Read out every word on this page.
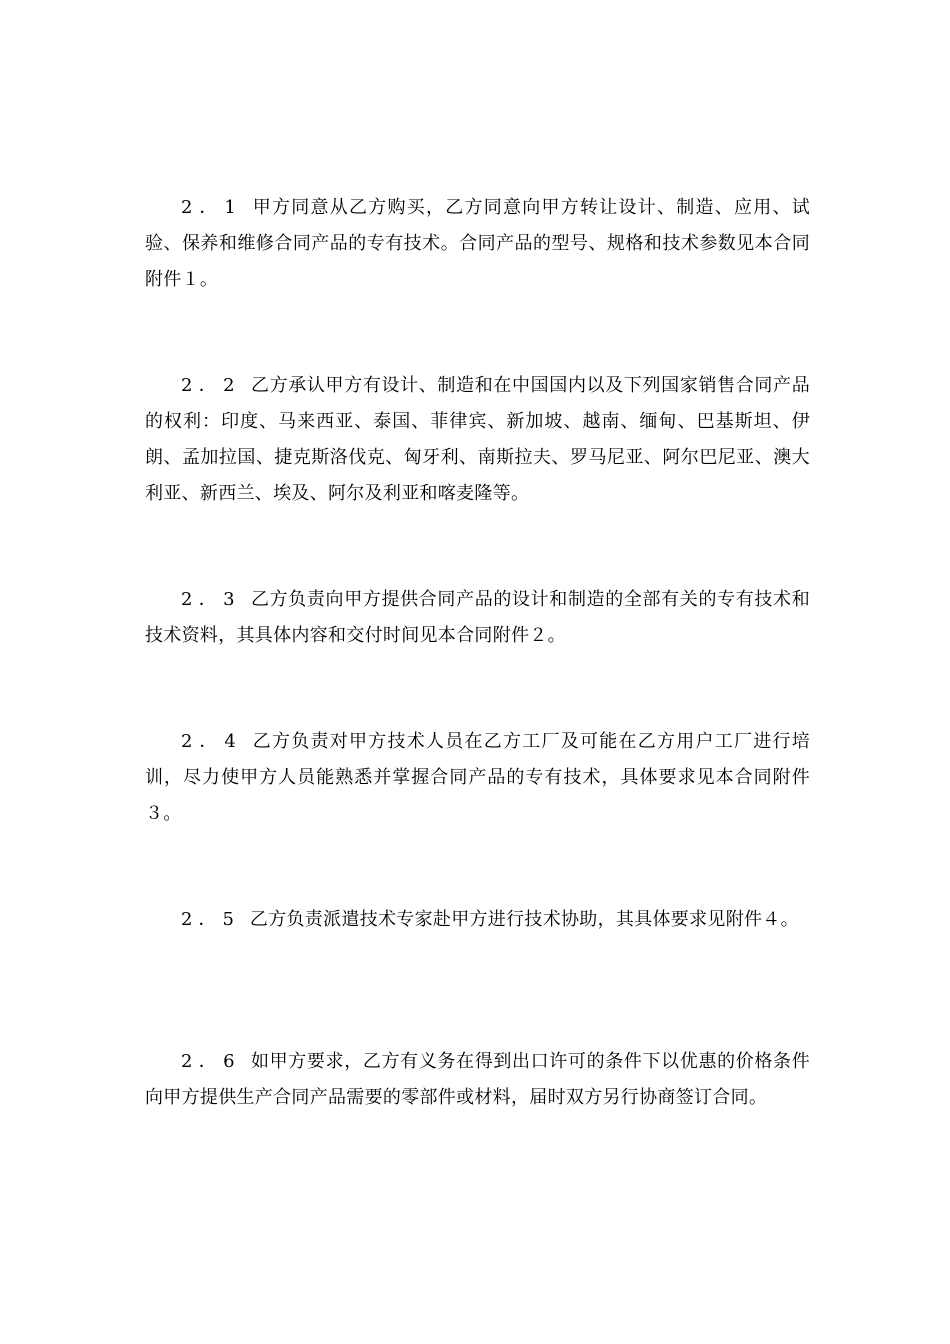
2．1 甲方同意从乙方购买，乙方同意向甲方转让设计、制造、应用、试验、保养和维修合同产品的专有技术。合同产品的型号、规格和技术参数见本合同附件１。

2．2 乙方承认甲方有设计、制造和在中国国内以及下列国家销售合同产品的权利：印度、马来西亚、泰国、菲律宾、新加坡、越南、缅甸、巴基斯坦、伊朗、孟加拉国、捷克斯洛伐克、匈牙利、南斯拉夫、罗马尼亚、阿尔巴尼亚、澳大利亚、新西兰、埃及、阿尔及利亚和喀麦隆等。

2．3 乙方负责向甲方提供合同产品的设计和制造的全部有关的专有技术和技术资料，其具体内容和交付时间见本合同附件２。

2．4 乙方负责对甲方技术人员在乙方工厂及可能在乙方用户工厂进行培训，尽力使甲方人员能熟悉并掌握合同产品的专有技术，具体要求见本合同附件３。

2．5 乙方负责派遣技术专家赴甲方进行技术协助，其具体要求见附件４。

2．6 如甲方要求，乙方有义务在得到出口许可的条件下以优惠的价格条件向甲方提供生产合同产品需要的零部件或材料，届时双方另行协商签订合同。
